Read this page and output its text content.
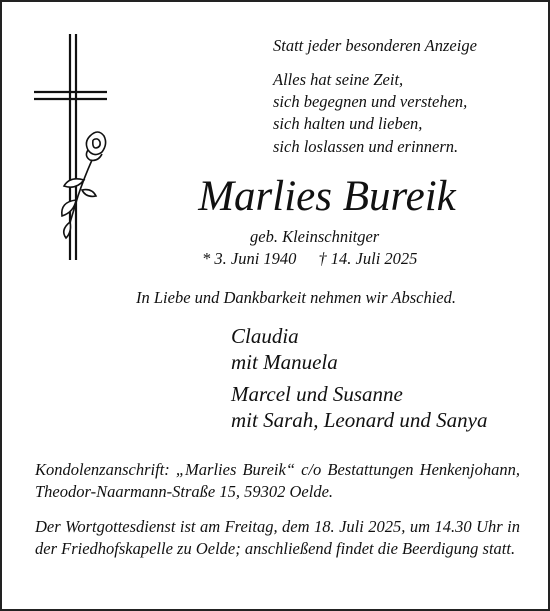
Statt jeder besonderen Anzeige

Alles hat seine Zeit,
sich begegnen und verstehen,
sich halten und lieben,
sich loslassen und erinnern.
Marlies Bureik

geb. Kleinschnitger

* 3. Juni 1940 † 14. Juli 2025

In Liebe und Dankbarkeit nehmen wir Abschied.

Claudia
mit Manuela
Marcel und Susanne
mit Sarah, Leonard und Sanya

Kondolenzanschrift: „Marlies Bureik“ c/o Bestattungen Henkenjohann, Theodor-Naarmann-Straße 15, 59302 Oelde.

Der Wortgottesdienst ist am Freitag, dem 18. Juli 2025, um 14.30 Uhr in der Friedhofskapelle zu Oelde; anschließend findet die Beerdigung statt.
